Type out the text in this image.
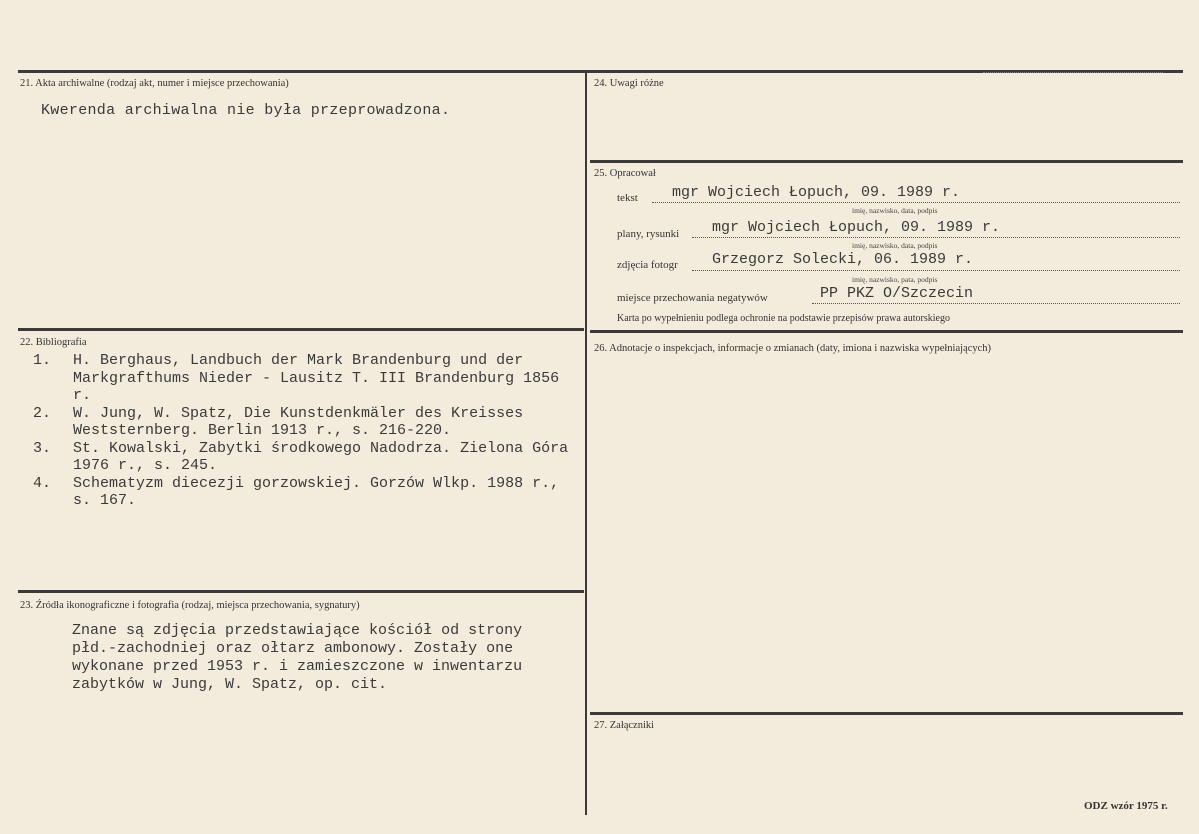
21. Akta archiwalne (rodzaj akt, numer i miejsce przechowania)
Kwerenda archiwalna nie była przeprowadzona.
22. Bibliografia
1.	H. Berghaus, Landbuch der Mark Brandenburg und der Markgrafthums Nieder - Lausitz T. III Brandenburg 1856 r.
2.	W. Jung, W. Spatz, Die Kunstdenkmäler des Kreisses Weststernberg. Berlin 1913 r., s. 216-220.
3.	St. Kowalski, Zabytki środkowego Nadodrza. Zielona Góra 1976 r., s. 245.
4.	Schematyzm diecezji gorzowskiej. Gorzów Wlkp. 1988 r., s. 167.
23. Źródła ikonograficzne i fotografia (rodzaj, miejsca przechowania, sygnatury)
Znane są zdjęcia przedstawiające kościół od strony
płd.-zachodniej oraz ołtarz ambonowy. Zostały one
wykonane przed 1953 r. i zamieszczone w inwentarzu
zabytków w Jung, W. Spatz, op. cit.
24. Uwagi różne
25. Opracował
tekst mgr Wojciech Łopuch, 09. 1989 r.
imię, nazwisko, data, podpis
plany, rysunki mgr Wojciech Łopuch, 09. 1989 r.
imię, nazwisko, data, podpis
zdjęcia fotogr Grzegorz Solecki, 06. 1989 r.
imię, nazwisko, pata, podpis
miejsce przechowania negatywów	PP PKZ O/Szczecin
Karta po wypełnieniu podlega ochronie na podstawie przepisów prawa autorskiego
26. Adnotacje o inspekcjach, informacje o zmianach (daty, imiona i nazwiska wypełniających)
27. Załączniki
ODZ wzór 1975 r.
